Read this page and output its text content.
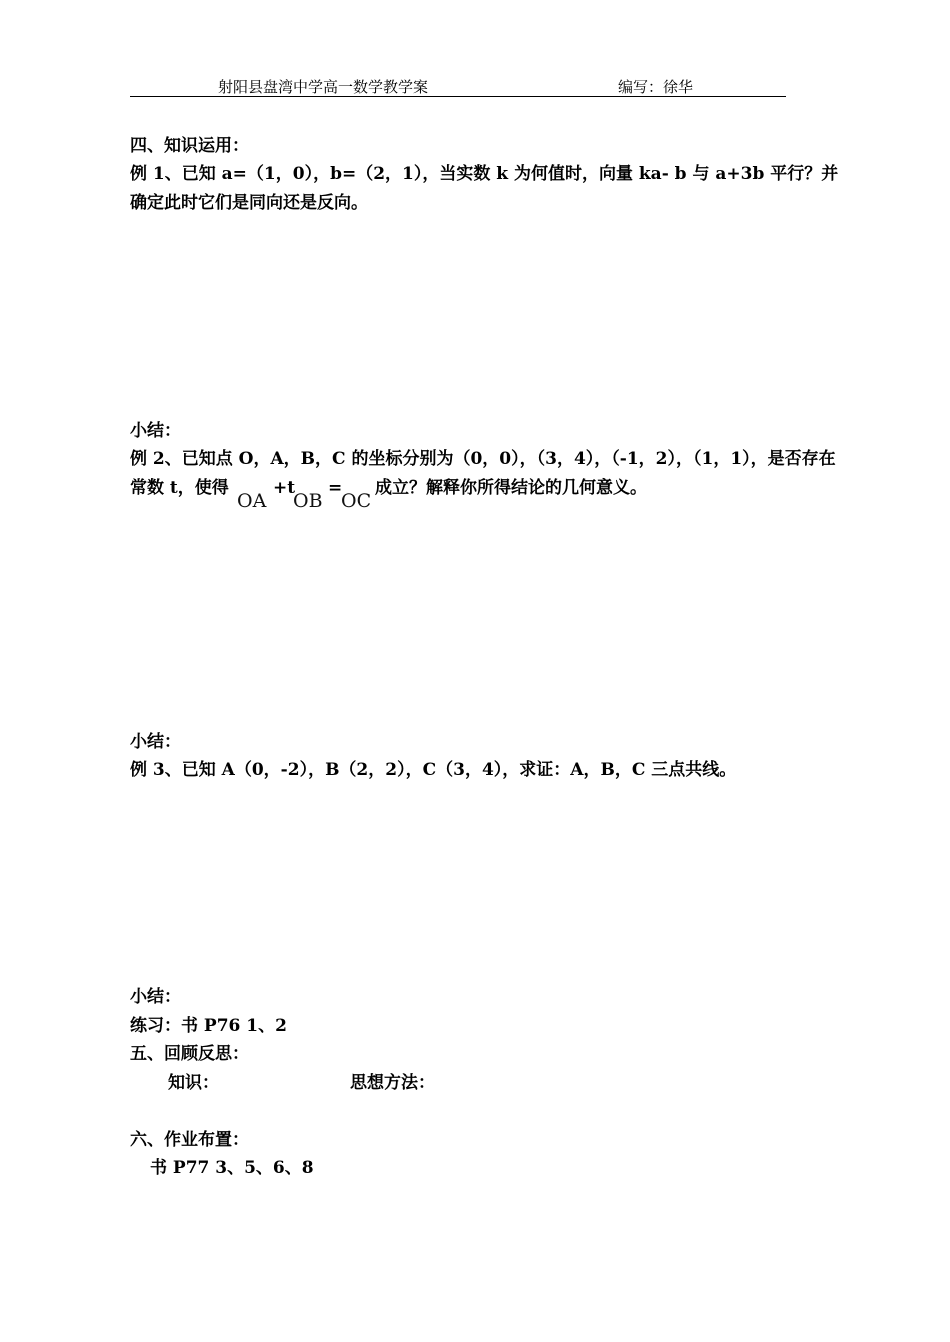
射阳县盘湾中学高一数学教学案	编写：徐华
四、知识运用：
例 1、已知 a=（1，0），b=（2，1），当实数 k 为何值时，向量 ka- b 与 a+3b 平行？并
确定此时它们是同向还是反向。
小结：
例 2、已知点 O，A，B，C 的坐标分别为（0，0），（3，4），（-1，2），（1，1），是否存在
常数 t，使得	+t = 成立？解释你所得结论的几何意义。
OA OB OC
小结：
例 3、已知 A（0，-2），B（2，2），C（3，4），求证：A，B，C 三点共线。
小结：
练习：书 P76 1、2
五、回顾反思：
知识：	思想方法：
六、作业布置：
书 P77 3、5、6、8
